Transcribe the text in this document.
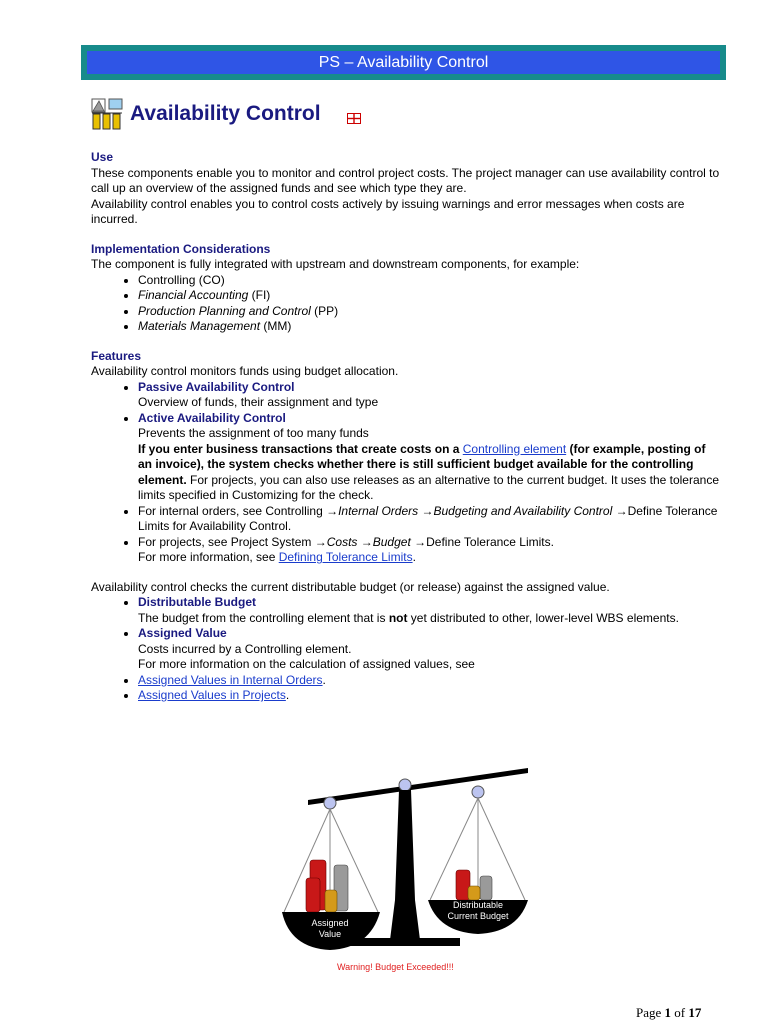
PS – Availability Control
Availability Control

Use

These components enable you to monitor and control project costs. The project manager can use availability control to call up an overview of the assigned funds and see which type they are.

Availability control enables you to control costs actively by issuing warnings and error messages when costs are incurred.

Implementation Considerations

The component is fully integrated with upstream and downstream components, for example:

• Controlling (CO)
• Financial Accounting (FI)
• Production Planning and Control (PP)
• Materials Management (MM)

Features

Availability control monitors funds using budget allocation.

• Passive Availability Control
Overview of funds, their assignment and type
• Active Availability Control
Prevents the assignment of too many funds
If you enter business transactions that create costs on a Controlling element (for example, posting of an invoice), the system checks whether there is still sufficient budget available for the controlling element. For projects, you can also use releases as an alternative to the current budget. It uses the tolerance limits specified in Customizing for the check.
• For internal orders, see Controlling →Internal Orders →Budgeting and Availability Control →Define Tolerance Limits for Availability Control.
• For projects, see Project System →Costs →Budget →Define Tolerance Limits.
For more information, see Defining Tolerance Limits.

Availability control checks the current distributable budget (or release) against the assigned value.

• Distributable Budget
The budget from the controlling element that is not yet distributed to other, lower-level WBS elements.
• Assigned Value
Costs incurred by a Controlling element.
For more information on the calculation of assigned values, see
• Assigned Values in Internal Orders.
• Assigned Values in Projects.
Assigned
Value
Distributable
Current Budget
Warning! Budget Exceeded!!!
Page 1 of 17
